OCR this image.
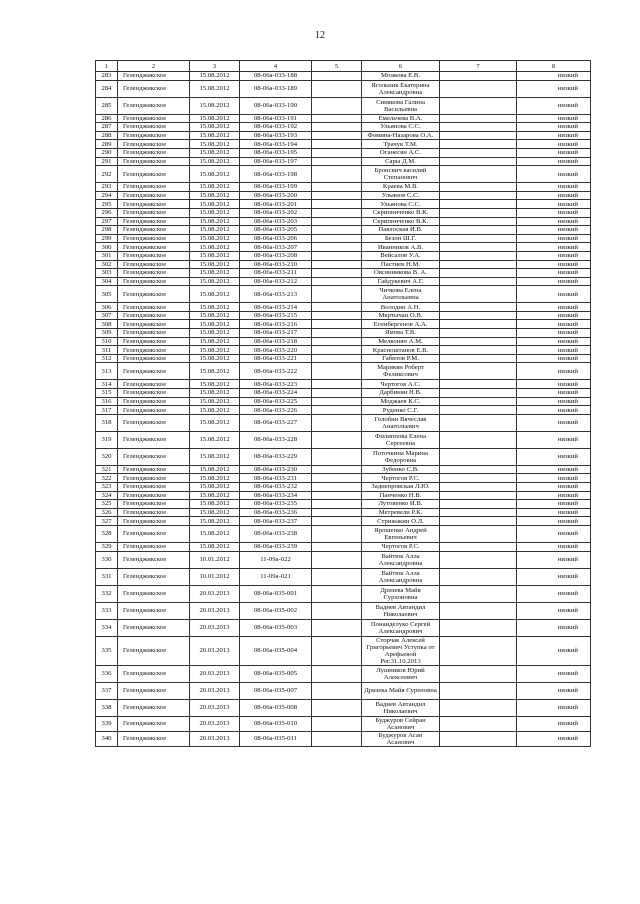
12
1	2	3	4	5	6	7	8
283	Геленджикское	15.08.2012	08-06а-033-188		Мозжова Е.В.		низкий
284	Геленджикское	15.08.2012	08-06а-033-189		Ягольник Екатерина Александровна		низкий
285	Геленджикское	15.08.2012	08-06а-033-190		Синякова Галина Васильевна		низкий
286	Геленджикское	15.08.2012	08-06а-033-191		Емельчева В.А.		низкий
287	Геленджикское	15.08.2012	08-06а-033-192		Ульянова С.С.		низкий
288	Геленджикское	15.08.2012	08-06а-033-193		Фомина-Назарова О.А.		низкий
289	Геленджикское	15.08.2012	08-06а-033-194		Трачук Т.М.		низкий
290	Геленджикское	15.08.2012	08-06а-033-195		Оганесян А.С.		низкий
291	Геленджикское	15.08.2012	08-06а-033-197		Сары Д.М.		низкий
292	Геленджикское	15.08.2012	08-06а-033-198		Бронсвич василий Степанович		низкий
293	Геленджикское	15.08.2012	08-06а-033-199		Краева М.В.		низкий
294	Геленджикское	15.08.2012	08-06а-033-200		Ульянов С.С.		низкий
295	Геленджикское	15.08.2012	08-06а-033-201		Ульянова С.С.		низкий
296	Геленджикское	15.08.2012	08-06а-033-202		Скрипниченко В.К.		низкий
297	Геленджикское	15.08.2012	08-06а-033-203		Скрипниченко В.К.		низкий
298	Геленджикское	15.08.2012	08-06а-033-205		Павлоская И.В.		низкий
299	Геленджикское	15.08.2012	08-06а-033-206		Безон Ш.Г.		низкий
300	Геленджикское	15.08.2012	08-06а-033-207		Иванников А.В.		низкий
301	Геленджикское	15.08.2012	08-06а-033-208		Вейсалов У.А.		низкий
302	Геленджикское	15.08.2012	08-06а-033-210		Пастнев Н.М.		низкий
303	Геленджикское	15.08.2012	08-06а-033-211		Овсянникова В. А.		низкий
304	Геленджикское	15.08.2012	08-06а-033-212		Гайдукевич А.Г.		низкий
305	Геленджикское	15.08.2012	08-06а-033-213		Чичкова Елена Анатольевна		низкий
306	Геленджикское	15.08.2012	08-06а-033-214		Володин А.Н.		низкий
307	Геленджикское	15.08.2012	08-06а-033-215		Мкртычан О.В.		низкий
308	Геленджикское	15.08.2012	08-06а-033-216		Егембергенов А.А.		низкий
309	Геленджикское	15.08.2012	08-06а-033-217		Ямова Т.В.		низкий
310	Геленджикское	15.08.2012	08-06а-033-218		Мелконян А.М.		низкий
311	Геленджикское	15.08.2012	08-06а-033-220		Красноштанов Е.В.		низкий
312	Геленджикское	15.08.2012	08-06а-033-221		Габитов Р.М.		низкий
313	Геленджикское	15.08.2012	08-06а-033-222		Марикян Роберт Феликсович		низкий
314	Геленджикское	15.08.2012	08-06а-033-223		Чертогов А.С.		низкий
315	Геленджикское	15.08.2012	08-06а-033-224		Дарбинян Н.В.		низкий
316	Геленджикское	15.08.2012	08-06а-033-225		Моджаев К.С.		низкий
317	Геленджикское	15.08.2012	08-06а-033-226		Руденко С.Г.		низкий
318	Геленджикское	15.08.2012	08-06а-033-227		Голобин Вячеслав Анатольевич		низкий
319	Геленджикское	15.08.2012	08-06а-033-228		Филиппова Елена Сергеевна		низкий
320	Геленджикское	15.08.2012	08-06а-033-229		Поточкина Марина Федоровна		низкий
321	Геленджикское	15.08.2012	08-06а-033-230		Зубенко С.В.		низкий
322	Геленджикское	15.08.2012	08-06а-033-231		Чертогов Р.С.		низкий
323	Геленджикское	15.08.2012	08-06а-033-232		Заднепровская Л.Ю.		низкий
324	Геленджикское	15.08.2012	08-06а-033-234		Панченко Н.В.		низкий
325	Геленджикское	15.08.2012	08-06а-033-235		Лутовенко И.В.		низкий
326	Геленджикское	15.08.2012	08-06а-033-236		Метревели Р.К.		низкий
327	Геленджикское	15.08.2012	08-06а-033-237		Стрижакин О.Л.		низкий
328	Геленджикское	15.08.2012	08-06а-033-238		Ярошенко Андрей Евгеньевич		низкий
329	Геленджикское	15.08.2012	08-06а-033-239		Чертогов Р.С.		низкий
330	Геленджикское	10.01.2012	11-09а-022		Вайтюк Алла Александровна		низкий
331	Геленджикское	10.01.2012	11-09а-021		Вайтюк Алла Александровна		низкий
332	Геленджикское	20.03.2013	08-06а-035-001		Дризева Майя Сурхоновна		низкий
333	Геленджикское	20.03.2013	08-06а-035-002		Ваднев Автандил Николаевич		низкий
334	Геленджикское	20.03.2013	08-06а-035-003		Понаиделуко Сергей Александрович		низкий
335	Геленджикское	20.03.2013	08-06а-035-004		Сторчак Алексей Григорьевич Уступка от Арефьевой Рег.31.10.2013		низкий
336	Геленджикское	20.03.2013	08-06а-035-005		Лушников Юрий Алексеевич		низкий
337	Геленджикское	20.03.2013	08-06а-035-007		Дризева Майя Суреновна		низкий
338	Геленджикское	20.03.2013	08-06а-035-008		Ваднев Автандил Николаевич		низкий
339	Геленджикское	20.03.2013	08-06а-035-010		Буджуров Сейран Асанович		низкий
340	Геленджикское	20.03.2013	08-06а-035-011		Буджуров Асан Асанович		низкий
